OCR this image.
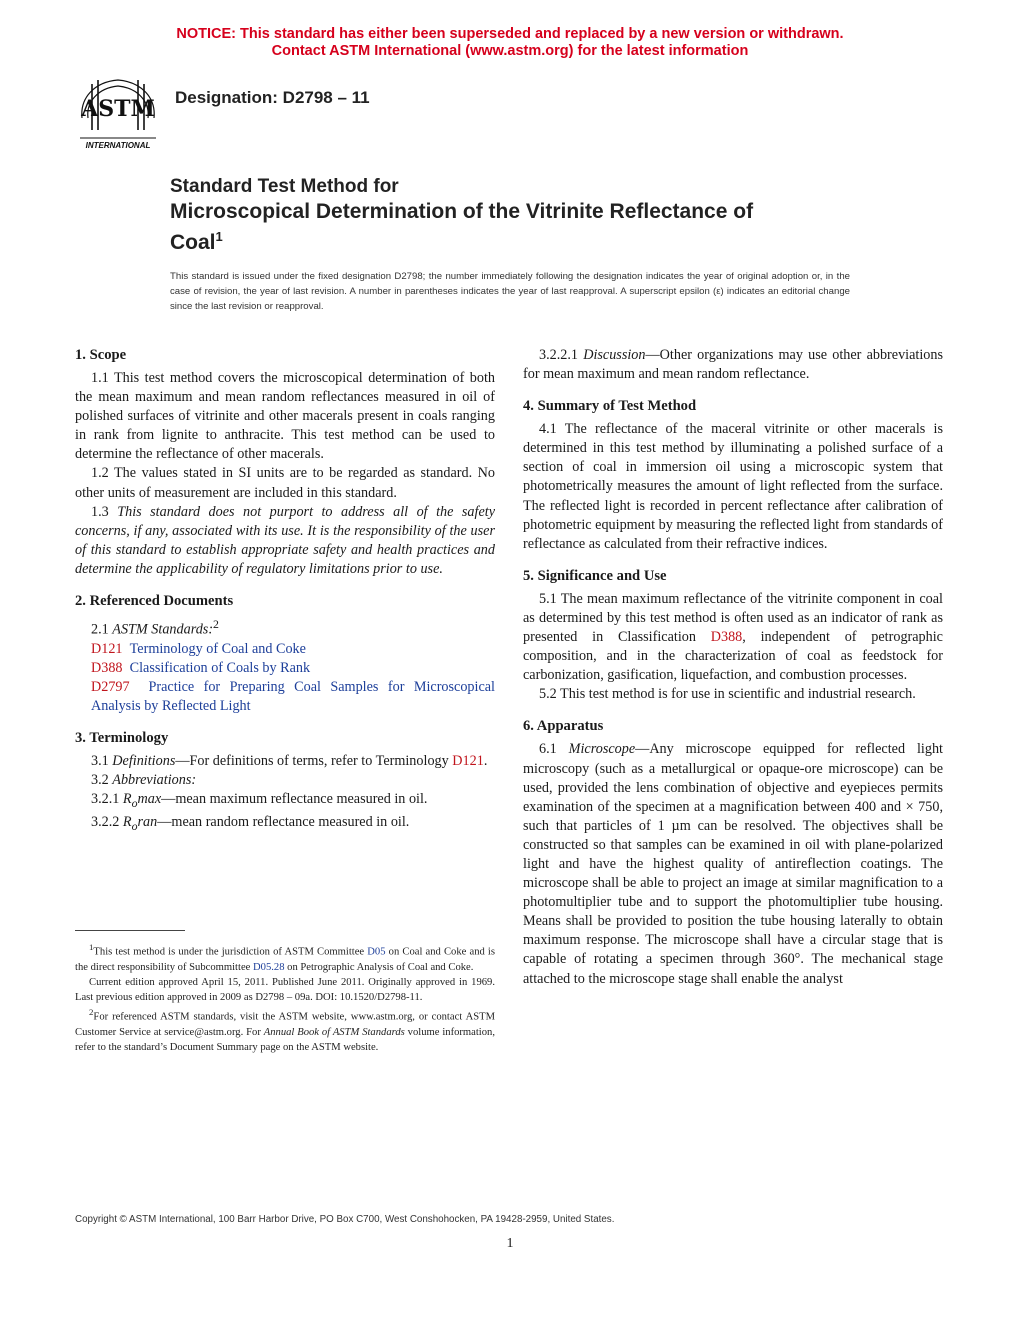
NOTICE: This standard has either been superseded and replaced by a new version or withdrawn.
Contact ASTM International (www.astm.org) for the latest information
ASTM
INTERNATIONAL
Designation: D2798 – 11
Standard Test Method for
Microscopical Determination of the Vitrinite Reflectance of
Coal$^1$
This standard is issued under the fixed designation D2798; the number immediately following the designation indicates the year of original adoption or, in the case of revision, the year of last revision. A number in parentheses indicates the year of last reapproval. A superscript epsilon (ε) indicates an editorial change since the last revision or reapproval.
1. Scope

1.1 This test method covers the microscopical determination of both the mean maximum and mean random reflectances measured in oil of polished surfaces of vitrinite and other macerals present in coals ranging in rank from lignite to anthracite. This test method can be used to determine the reflectance of other macerals.

1.2 The values stated in SI units are to be regarded as standard. No other units of measurement are included in this standard.

1.3 This standard does not purport to address all of the safety concerns, if any, associated with its use. It is the responsibility of the user of this standard to establish appropriate safety and health practices and determine the applicability of regulatory limitations prior to use.

2. Referenced Documents

2.1 ASTM Standards:$^2$

D121 Terminology of Coal and Coke

D388 Classification of Coals by Rank

D2797 Practice for Preparing Coal Samples for Microscopical Analysis by Reflected Light

3. Terminology

3.1 Definitions—For definitions of terms, refer to Terminology D121.

3.2 Abbreviations:

3.2.1 $R_o\max—mean$ maximum reflectance measured in oil.

3.2.2 $R_oran—mean$ random reflectance measured in oil.

$^1$This test method is under the jurisdiction of ASTM Committee D05 on Coal and Coke and is the direct responsibility of Subcommittee D05.28 on Petrographic Analysis of Coal and Coke.

Current edition approved April 15, 2011. Published June 2011. Originally approved in 1969. Last previous edition approved in 2009 as D2798 – 09a. DOI: 10.1520/D2798-11.

$^2$For referenced ASTM standards, visit the ASTM website, www.astm.org, or contact ASTM Customer Service at service@astm.org. For Annual Book of ASTM Standards volume information, refer to the standard’s Document Summary page on the ASTM website.

3.2.2.1 Discussion—Other organizations may use other abbreviations for mean maximum and mean random reflectance.

4. Summary of Test Method

4.1 The reflectance of the maceral vitrinite or other macerals is determined in this test method by illuminating a polished surface of a section of coal in immersion oil using a microscopic system that photometrically measures the amount of light reflected from the surface. The reflected light is recorded in percent reflectance after calibration of photometric equipment by measuring the reflected light from standards of reflectance as calculated from their refractive indices.

5. Significance and Use

5.1 The mean maximum reflectance of the vitrinite component in coal as determined by this test method is often used as an indicator of rank as presented in Classification D388, independent of petrographic composition, and in the characterization of coal as feedstock for carbonization, gasification, liquefaction, and combustion processes.

5.2 This test method is for use in scientific and industrial research.

6. Apparatus

6.1 Microscope—Any microscope equipped for reflected light microscopy (such as a metallurgical or opaque-ore microscope) can be used, provided the lens combination of objective and eyepieces permits examination of the specimen at a magnification between 400 and × 750, such that particles of 1 µm can be resolved. The objectives shall be constructed so that samples can be examined in oil with plane-polarized light and have the highest quality of antireflection coatings. The microscope shall be able to project an image at similar magnification to a photomultiplier tube and to support the photomultiplier tube housing. Means shall be provided to position the tube housing laterally to obtain maximum response. The microscope shall have a circular stage that is capable of rotating a specimen through 360°. The mechanical stage attached to the microscope stage shall enable the analyst

Copyright © ASTM International, 100 Barr Harbor Drive, PO Box C700, West Conshohocken, PA 19428-2959, United States.
1
